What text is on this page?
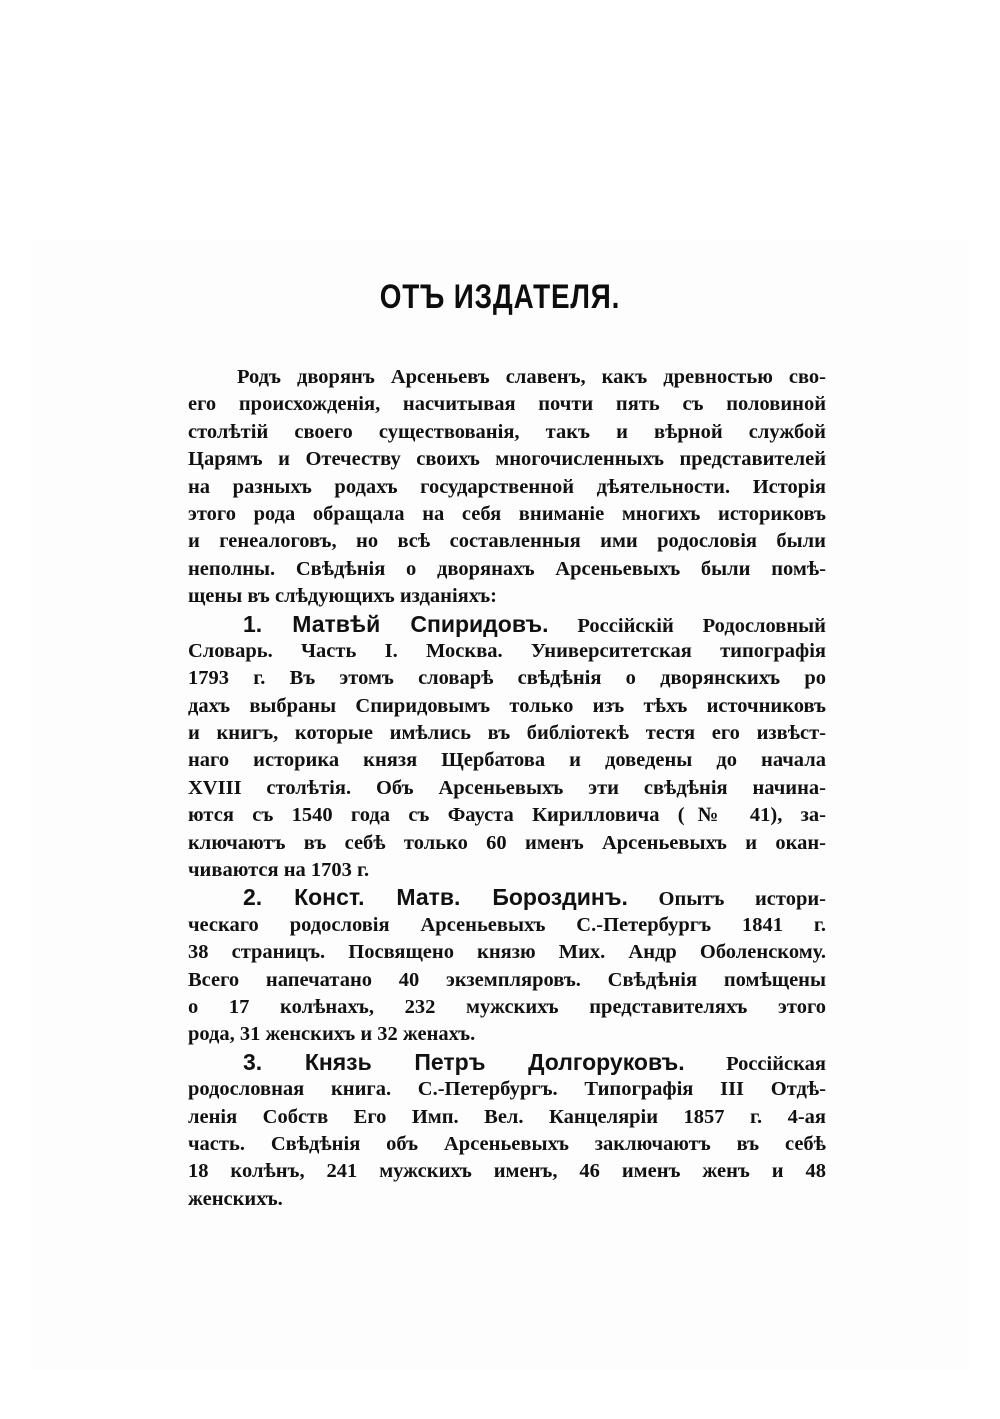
ОТЪ ИЗДАТЕЛЯ.
Родъ дворянъ Арсеньевъ славенъ, какъ древностью сво-
его происхожденія, насчитывая почти пять съ половиной
столѣтій своего существованія, такъ и вѣрной службой
Царямъ и Отечеству своихъ многочисленныхъ представителей
на разныхъ родахъ государственной дѣятельности. Исторія
этого рода обращала на себя вниманіе многихъ историковъ
и генеалоговъ, но всѣ составленныя ими родословія были
неполны. Свѣдѣнія о дворянахъ Арсеньевыхъ были помѣ-
щены въ слѣдующихъ изданіяхъ:
1. Матвѣй Спиридовъ. Россійскій Родословный
Словарь. Часть I. Москва. Университетская типографія
1793 г. Въ этомъ словарѣ свѣдѣнія о дворянскихъ ро
дахъ выбраны Спиридовымъ только изъ тѣхъ источниковъ
и книгъ, которые имѣлись въ библіотекѣ тестя его извѣст-
наго историка князя Щербатова и доведены до начала
XVIII столѣтія. Объ Арсеньевыхъ эти свѣдѣнія начина-
ются съ 1540 года съ Фауста Кирилловича (№ 41), за-
ключаютъ въ себѣ только 60 именъ Арсеньевыхъ и окан-
чиваются на 1703 г.
2. Конст. Матв. Бороздинъ. Опытъ истори-
ческаго родословія Арсеньевыхъ С.-Петербургъ 1841 г.
38 страницъ. Посвящено князю Мих. Андр Оболенскому.
Всего напечатано 40 экземпляровъ. Свѣдѣнія помѣщены
о 17 колѣнахъ, 232 мужскихъ представителяхъ этого
рода, 31 женскихъ и 32 женахъ.
3. Князь Петръ Долгоруковъ. Россійская
родословная книга. С.-Петербургъ. Типографія III Отдѣ-
ленія Собств Его Имп. Вел. Канцеляріи 1857 г. 4-ая
часть. Свѣдѣнія объ Арсеньевыхъ заключаютъ въ себѣ
18 колѣнъ, 241 мужскихъ именъ, 46 именъ женъ и 48
женскихъ.
